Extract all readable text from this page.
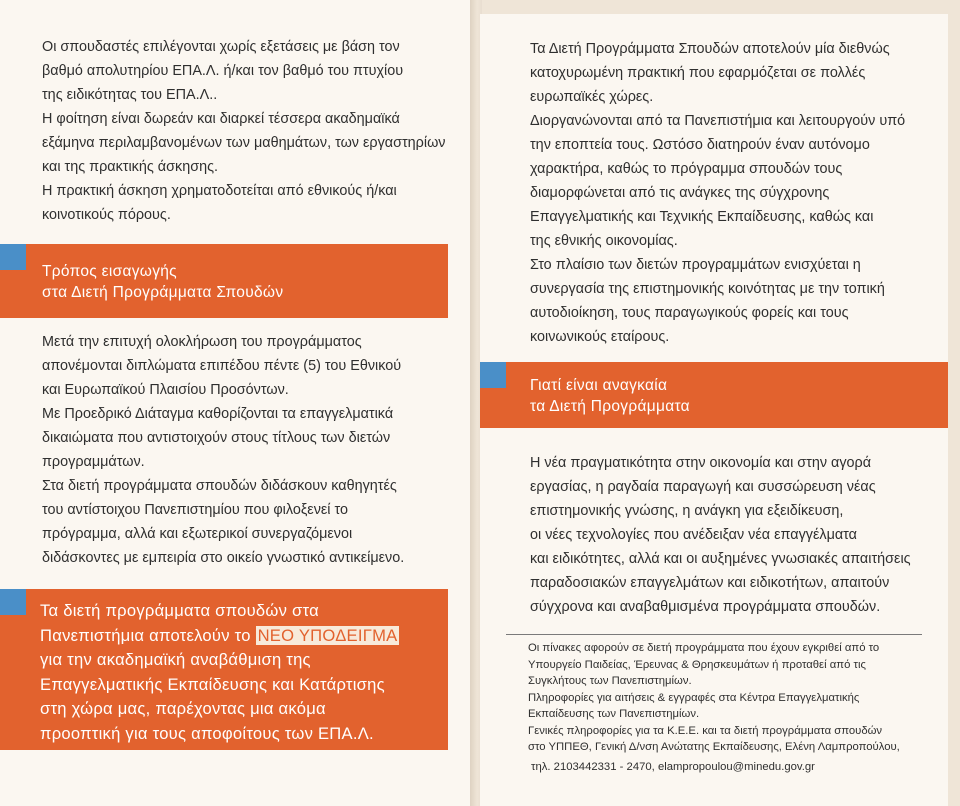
Οι σπουδαστές επιλέγονται χωρίς εξετάσεις με βάση τον
βαθμό απολυτηρίου ΕΠΑ.Λ. ή/και τον βαθμό του πτυχίου
της ειδικότητας του ΕΠΑ.Λ..
Η φοίτηση είναι δωρεάν και διαρκεί τέσσερα ακαδημαϊκά
εξάμηνα περιλαμβανομένων των μαθημάτων, των εργαστηρίων
και της πρακτικής άσκησης.
Η πρακτική άσκηση χρηματοδοτείται από εθνικούς ή/και
κοινοτικούς πόρους.
Τρόπος εισαγωγής
στα Διετή Προγράμματα Σπουδών
Μετά την επιτυχή ολοκλήρωση του προγράμματος
απονέμονται διπλώματα επιπέδου πέντε (5) του Εθνικού
και Ευρωπαϊκού Πλαισίου Προσόντων.
Με Προεδρικό Διάταγμα καθορίζονται τα επαγγελματικά
δικαιώματα που αντιστοιχούν στους τίτλους των διετών
προγραμμάτων.
Στα διετή προγράμματα σπουδών διδάσκουν καθηγητές
του αντίστοιχου Πανεπιστημίου που φιλοξενεί το
πρόγραμμα, αλλά και εξωτερικοί συνεργαζόμενοι
διδάσκοντες με εμπειρία στο οικείο γνωστικό αντικείμενο.
Τα διετή προγράμματα σπουδών στα
Πανεπιστήμια αποτελούν το ΝΕΟ ΥΠΟΔΕΙΓΜΑ
για την ακαδημαϊκή αναβάθμιση της
Επαγγελματικής Εκπαίδευσης και Κατάρτισης
στη χώρα μας, παρέχοντας μια ακόμα
προοπτική για τους αποφοίτους των ΕΠΑ.Λ.
Τα Διετή Προγράμματα Σπουδών αποτελούν μία διεθνώς
κατοχυρωμένη πρακτική που εφαρμόζεται σε πολλές
ευρωπαϊκές χώρες.
Διοργανώνονται από τα Πανεπιστήμια και λειτουργούν υπό
την εποπτεία τους. Ωστόσο διατηρούν έναν αυτόνομο
χαρακτήρα, καθώς το πρόγραμμα σπουδών τους
διαμορφώνεται από τις ανάγκες της σύγχρονης
Επαγγελματικής και Τεχνικής Εκπαίδευσης, καθώς και
της εθνικής οικονομίας.
Στο πλαίσιο των διετών προγραμμάτων ενισχύεται η
συνεργασία της επιστημονικής κοινότητας με την τοπική
αυτοδιοίκηση, τους παραγωγικούς φορείς και τους
κοινωνικούς εταίρους.
Γιατί είναι αναγκαία
τα Διετή Προγράμματα
Η νέα πραγματικότητα στην οικονομία και στην αγορά
εργασίας, η ραγδαία παραγωγή και συσσώρευση νέας
επιστημονικής γνώσης, η ανάγκη για εξειδίκευση,
οι νέες τεχνολογίες που ανέδειξαν νέα επαγγέλματα
και ειδικότητες, αλλά και οι αυξημένες γνωσιακές απαιτήσεις
παραδοσιακών επαγγελμάτων και ειδικοτήτων, απαιτούν
σύγχρονα και αναβαθμισμένα προγράμματα σπουδών.
Οι πίνακες αφορούν σε διετή προγράμματα που έχουν εγκριθεί από το
Υπουργείο Παιδείας, Έρευνας & Θρησκευμάτων ή προταθεί από τις
Συγκλήτους των Πανεπιστημίων.
Πληροφορίες για αιτήσεις & εγγραφές στα Κέντρα Επαγγελματικής
Εκπαίδευσης των Πανεπιστημίων.
Γενικές πληροφορίες για τα Κ.Ε.Ε. και τα διετή προγράμματα σπουδών
στο ΥΠΠΕΘ, Γενική Δ/νση Ανώτατης Εκπαίδευσης, Ελένη Λαμπροπούλου,
τηλ. 2103442331 - 2470, elampropoulou@minedu.gov.gr
